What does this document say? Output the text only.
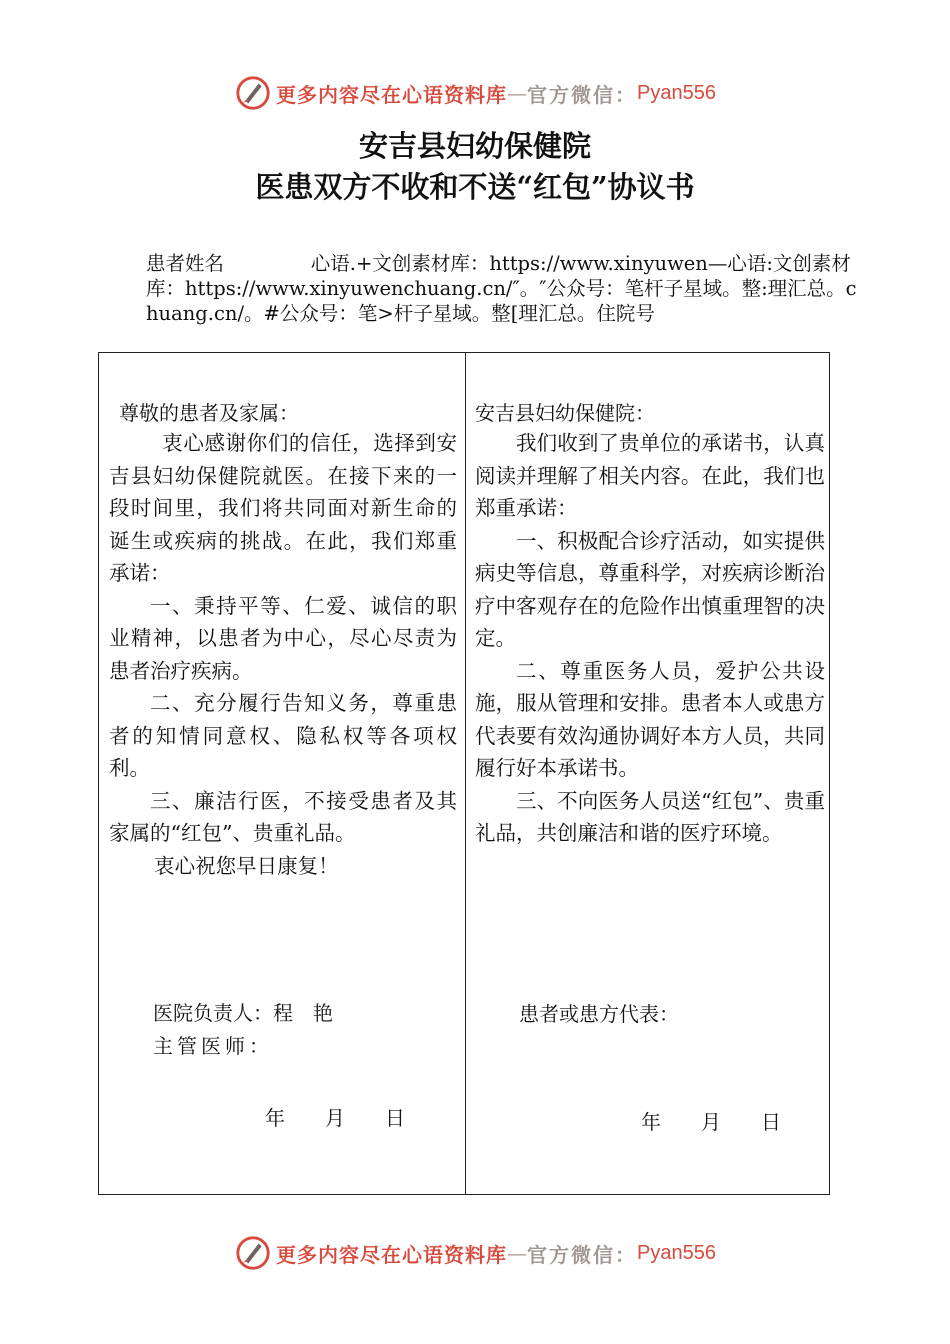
更多内容尽在心语资料库 — 官方微信： Pyan556
安吉县妇幼保健院
医患双方不收和不送“红包”协议书

患者姓名              心语.+文创素材库：https://www.xinyuwen—心语:文创素材库：https://www.xinyuwenchuang.cn/″。″公众号：笔杆子星域。整:理汇总。chuang.cn/。#公众号：笔>杆子星域。整[理汇总。住院号

尊敬的患者及家属：

衷心感谢你们的信任，选择到安吉县妇幼保健院就医。在接下来的一段时间里，我们将共同面对新生命的诞生或疾病的挑战。在此，我们郑重承诺：

一、秉持平等、仁爱、诚信的职业精神，以患者为中心，尽心尽责为患者治疗疾病。

二、充分履行告知义务，尊重患者的知情同意权、隐私权等各项权利。

三、廉洁行医，不接受患者及其家属的“红包”、贵重礼品。

衷心祝您早日康复！

医院负责人：程　艳

主管医师：

年   月   日

安吉县妇幼保健院：

我们收到了贵单位的承诺书，认真阅读并理解了相关内容。在此，我们也郑重承诺：

一、积极配合诊疗活动，如实提供病史等信息，尊重科学，对疾病诊断治疗中客观存在的危险作出慎重理智的决定。

二、尊重医务人员，爱护公共设施，服从管理和安排。患者本人或患方代表要有效沟通协调好本方人员，共同履行好本承诺书。

三、不向医务人员送“红包”、贵重礼品，共创廉洁和谐的医疗环境。

患者或患方代表：

年   月   日

更多内容尽在心语资料库 — 官方微信： Pyan556
